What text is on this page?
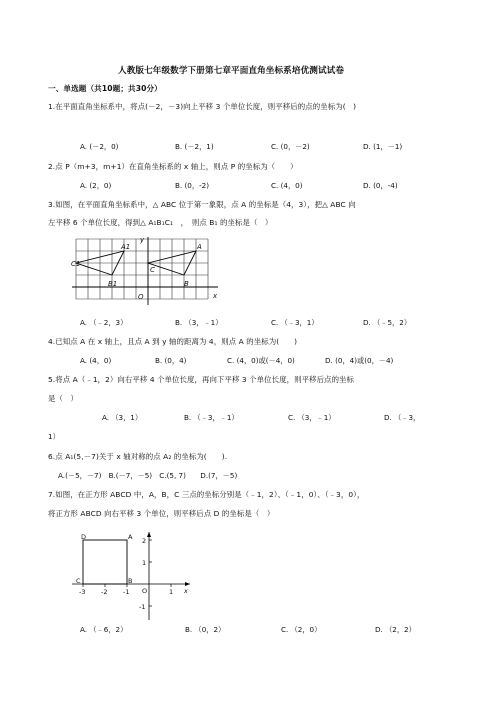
人教版七年级数学下册第七章平面直角坐标系培优测试试卷
一、单选题（共10题；共30分）
1.在平面直角坐标系中，将点(－2，－3)向上平移 3 个单位长度，则平移后的点的坐标为(　)
A. (－2，0)	B. (－2，1)	C. (0，－2)	D. (1，－1)
2.点 P（m+3，m+1）在直角坐标系的 x 轴上，则点 P 的坐标为（　　）
A. (2，0)	B. (0，-2)	C. (4，0)	D. (0，-4)
3.如图，在平面直角坐标系中，△ ABC 位于第一象限，点 A 的坐标是（4，3），把△ ABC 向
左平移 6 个单位长度，得到△ A₁B₁C₁　，　则点 B₁ 的坐标是（　）
y
A1	A
C1
C
B1	B
O	x
A. （﹣2，3）	B. （3，﹣1）	C. （﹣3，1）	D. （﹣5，2）
4.已知点 A 在 x 轴上，且点 A 到 y 轴的距离为 4，则点 A 的坐标为(　　)
A. (4，0)	B. (0，4)	C. (4，0)或(－4，0)	D. (0，4)或(0，－4)
5.将点 A（﹣1，2）向右平移 4 个单位长度，再向下平移 3 个单位长度，则平移后点的坐标
是（　）
A. （3，1）	B. （﹣3，﹣1）	C. （3，﹣1）	D. （﹣3，
1）
6.点 A₁(5,－7)关于 x 轴对称的点 A₂ 的坐标为(　　).
A.(－5，－7)　B.(－7，－5)　C.(5, 7)　　D.(7，－5)
7.如图，在正方形 ABCD 中，A，B，C 三点的坐标分别是（﹣1，2）、（﹣1，0）、（﹣3，0），
将正方形 ABCD 向右平移 3 个单位，则平移后点 D 的坐标是（　）
D	A
C	B
O	x
-3 -2 -1	1
2
1
-1
A. （﹣6，2）	B. （0，2）	C. （2，0）	D. （2，2）
